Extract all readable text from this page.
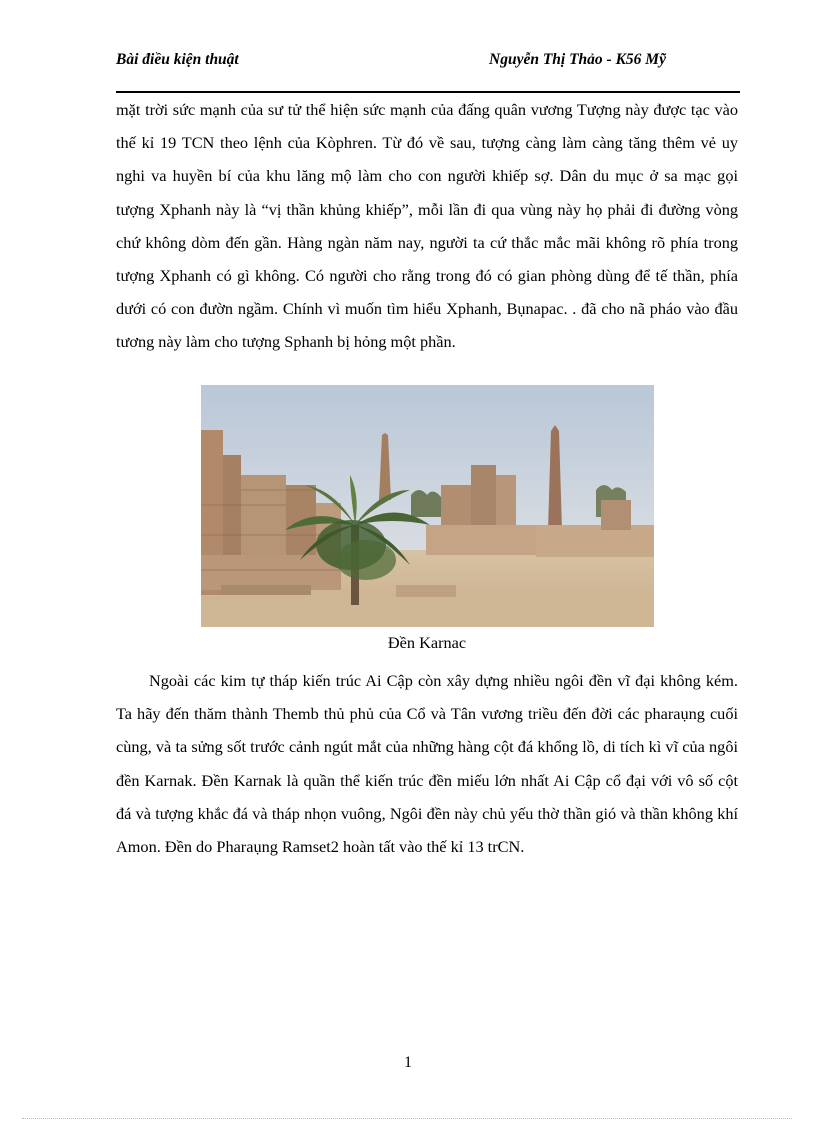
Bài điều kiện thuật	Nguyễn Thị Thảo - K56 Mỹ

mặt trời sức mạnh của sư tử thể hiện sức mạnh của đấng quân vương Tượng này được tạc vào thế kỉ 19 TCN theo lệnh của Kòphren. Từ đó về sau, tượng càng làm càng tăng thêm vẻ uy nghi va huyền bí của khu lăng mộ làm cho con người khiếp sợ. Dân du mục ở sa mạc gọi tượng Xphanh này là “vị thần khủng khiếp”, mỗi lần đi qua vùng này họ phải đi đường vòng chứ không dòm đến gần. Hàng ngàn năm nay, người ta cứ thắc mắc mãi không rõ phía trong tượng Xphanh có gì không. Có người cho rằng trong đó có gian phòng dùng để tế thần, phía dưới có con đườn ngầm. Chính vì muốn tìm hiểu Xphanh, Bụnapac. . đã cho nã pháo vào đầu tương này làm cho tượng Sphanh bị hỏng một phần.

Đền Karnac

Ngoài các kim tự tháp kiến trúc Ai Cập còn xây dựng nhiều ngôi đền vĩ đại không kém. Ta hãy đến thăm thành Themb thủ phủ của Cổ và Tân vương triều đến đời các pharaụng cuối cùng, và ta sửng sốt trước cảnh ngút mắt của những hàng cột đá khổng lồ, di tích kì vĩ của ngôi đền Karnak. Đền Karnak là quần thể kiến trúc đền miếu lớn nhất Ai Cập cổ đại với vô số cột đá và tượng khắc đá và tháp nhọn vuông, Ngôi đền này chủ yếu thờ thần gió và thần không khí Amon. Đền do Pharaụng Ramset2 hoàn tất vào thế kỉ 13 trCN.

1
